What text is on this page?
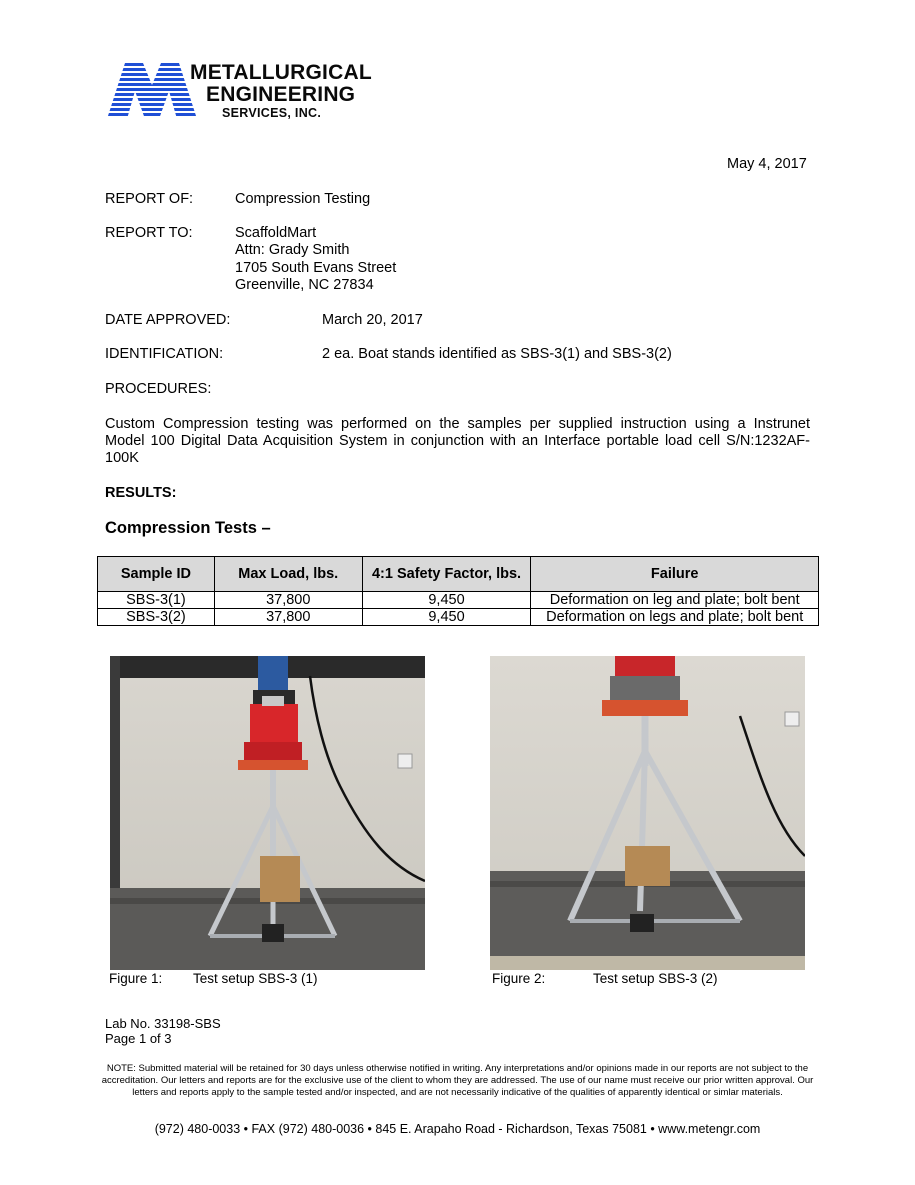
METALLURGICAL
ENGINEERING
SERVICES, INC.
May 4, 2017
REPORT OF:	Compression Testing
REPORT TO:	ScaffoldMart
Attn: Grady Smith
1705 South Evans Street
Greenville, NC 27834
DATE APPROVED:	March 20, 2017
IDENTIFICATION:	2 ea. Boat stands identified as SBS-3(1) and SBS-3(2)
PROCEDURES:
Custom Compression testing was performed on the samples per supplied instruction using a Instrunet
Model 100 Digital Data Acquisition System in conjunction with an Interface portable load cell S/N:1232AF-
100K
RESULTS:
Compression Tests –
Sample ID	Max Load, lbs.	4:1 Safety Factor, lbs.	Failure
SBS-3(1)	37,800	9,450	Deformation on leg and plate; bolt bent
SBS-3(2)	37,800	9,450	Deformation on legs and plate; bolt bent
Figure 1: Test setup SBS-3 (1)	Figure 2:	Test setup SBS-3 (2)
Lab No. 33198-SBS
Page 1 of 3
NOTE: Submitted material will be retained for 30 days unless otherwise notified in writing. Any interpretations and/or opinions made in our reports are not subject to the accreditation. Our letters and reports are for the exclusive use of the client to whom they are addressed. The use of our name must receive our prior written approval. Our letters and reports apply to the sample tested and/or inspected, and are not necessarily indicative of the qualities of apparently identical or simlar materials.
(972) 480-0033 • FAX (972) 480-0036 • 845 E. Arapaho Road - Richardson, Texas 75081 • www.metengr.com
